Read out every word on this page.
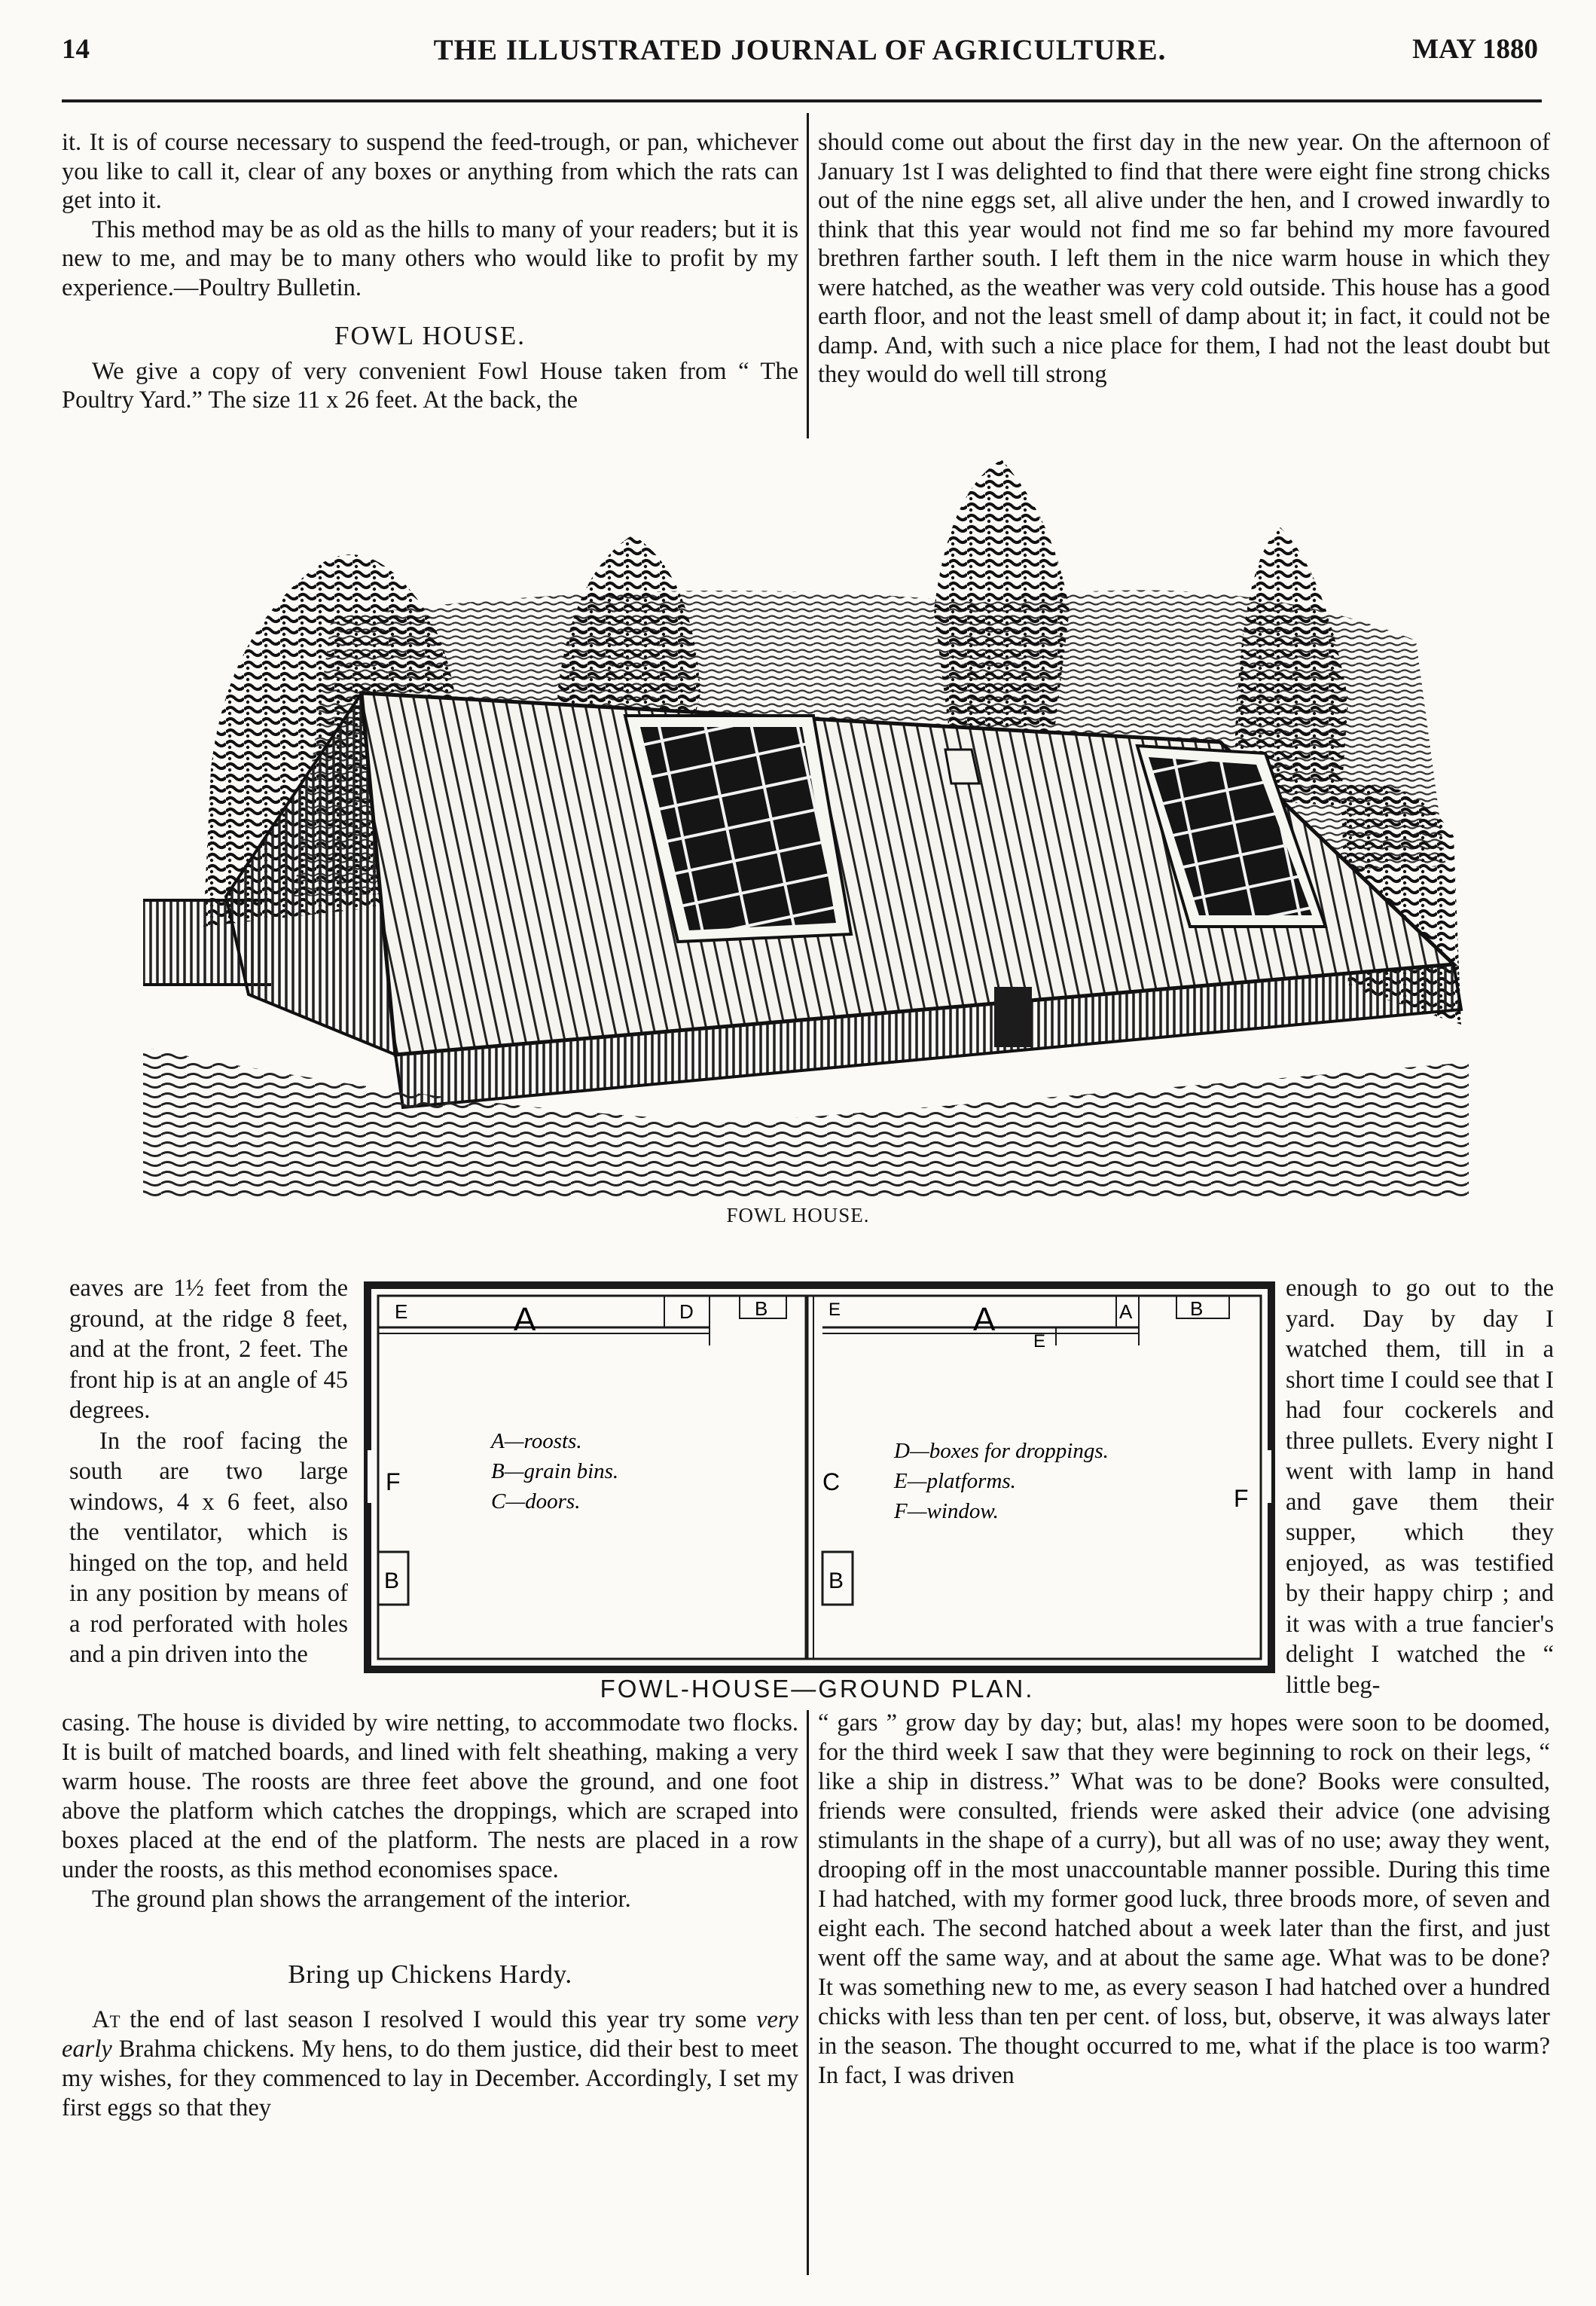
14	THE ILLUSTRATED JOURNAL OF AGRICULTURE.	MAY 1880

it. It is of course necessary to suspend the feed-trough, or pan, whichever you like to call it, clear of any boxes or anything from which the rats can get into it.

This method may be as old as the hills to many of your readers; but it is new to me, and may be to many others who would like to profit by my experience.—Poultry Bulletin.

FOWL HOUSE.

We give a copy of very convenient Fowl House taken from “ The Poultry Yard.” The size 11 x 26 feet. At the back, the

should come out about the first day in the new year. On the afternoon of January 1st I was delighted to find that there were eight fine strong chicks out of the nine eggs set, all alive under the hen, and I crowed inwardly to think that this year would not find me so far behind my more favoured brethren farther south. I left them in the nice warm house in which they were hatched, as the weather was very cold outside. This house has a good earth floor, and not the least smell of damp about it; in fact, it could not be damp. And, with such a nice place for them, I had not the least doubt but they would do well till strong

FOWL HOUSE.

eaves are 1½ feet from the ground, at the ridge 8 feet, and at the front, 2 feet. The front hip is at an angle of 45 degrees.

In the roof facing the south are two large windows, 4 x 6 feet, also the ventilator, which is hinged on the top, and held in any position by means of a rod perforated with holes and a pin driven into the

enough to go out to the yard. Day by day I watched them, till in a short time I could see that I had four cockerels and three pullets. Every night I went with lamp in hand and gave them their supper, which they enjoyed, as was testified by their happy chirp ; and it was with a true fancier's delight I watched the “ little beg-

E	A	D	B	E	A	A	B
E
F	C
F
B	B
A—roosts.
B—grain bins.
C—doors.
D—boxes for droppings.
E—platforms.
F—window.
FOWL-HOUSE—GROUND PLAN.

casing. The house is divided by wire netting, to accommodate two flocks. It is built of matched boards, and lined with felt sheathing, making a very warm house. The roosts are three feet above the ground, and one foot above the platform which catches the droppings, which are scraped into boxes placed at the end of the platform. The nests are placed in a row under the roosts, as this method economises space.

The ground plan shows the arrangement of the interior.

Bring up Chickens Hardy.

At the end of last season I resolved I would this year try some very early Brahma chickens. My hens, to do them justice, did their best to meet my wishes, for they commenced to lay in December. Accordingly, I set my first eggs so that they

“ gars ” grow day by day; but, alas! my hopes were soon to be doomed, for the third week I saw that they were beginning to rock on their legs, “ like a ship in distress.” What was to be done? Books were consulted, friends were consulted, friends were asked their advice (one advising stimulants in the shape of a curry), but all was of no use; away they went, drooping off in the most unaccountable manner possible. During this time I had hatched, with my former good luck, three broods more, of seven and eight each. The second hatched about a week later than the first, and just went off the same way, and at about the same age. What was to be done? It was something new to me, as every season I had hatched over a hundred chicks with less than ten per cent. of loss, but, observe, it was always later in the season. The thought occurred to me, what if the place is too warm? In fact, I was driven
